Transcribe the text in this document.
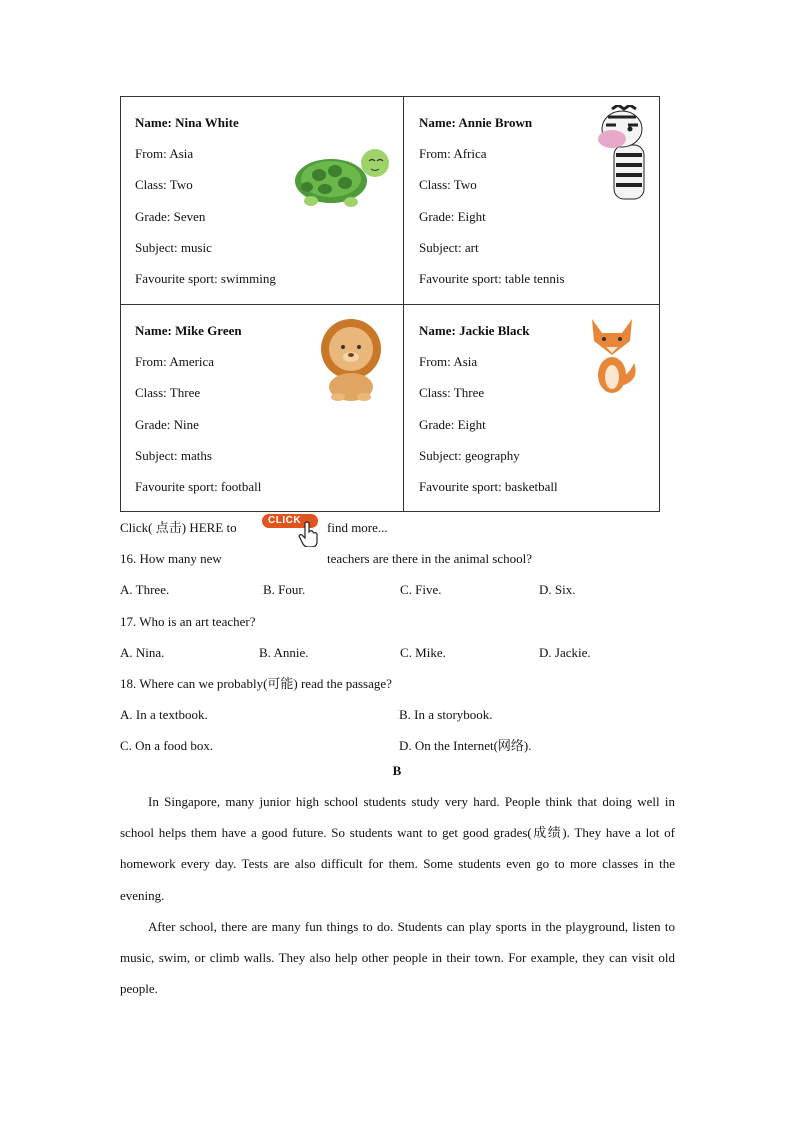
Name: Nina White
From: Asia
Class: Two
Grade: Seven
Subject: music
Favourite sport: swimming
Name: Annie Brown
From: Africa
Class: Two
Grade: Eight
Subject: art
Favourite sport: table tennis
Name: Mike Green
From: America
Class: Three
Grade: Nine
Subject: maths
Favourite sport: football
Name: Jackie Black
From: Asia
Class: Three
Grade: Eight
Subject: geography
Favourite sport: basketball
Click( 点击) HERE to	CLICK	find more...
16. How many new	teachers are there in the animal school?
A. Three.	B. Four.	C. Five.	D. Six.
17. Who is an art teacher?
A. Nina.	B. Annie.	C. Mike.	D. Jackie.
18. Where can we probably(可能) read the passage?
A. In a textbook.	B. In a storybook.
C. On a food box.	D. On the Internet(网络).
B
In Singapore, many junior high school students study very hard. People think that doing well in school helps them have a good future. So students want to get good grades(成绩). They have a lot of homework every day. Tests are also difficult for them. Some students even go to more classes in the evening.
After school, there are many fun things to do. Students can play sports in the playground, listen to music, swim, or climb walls. They also help other people in their town. For example, they can visit old people.
